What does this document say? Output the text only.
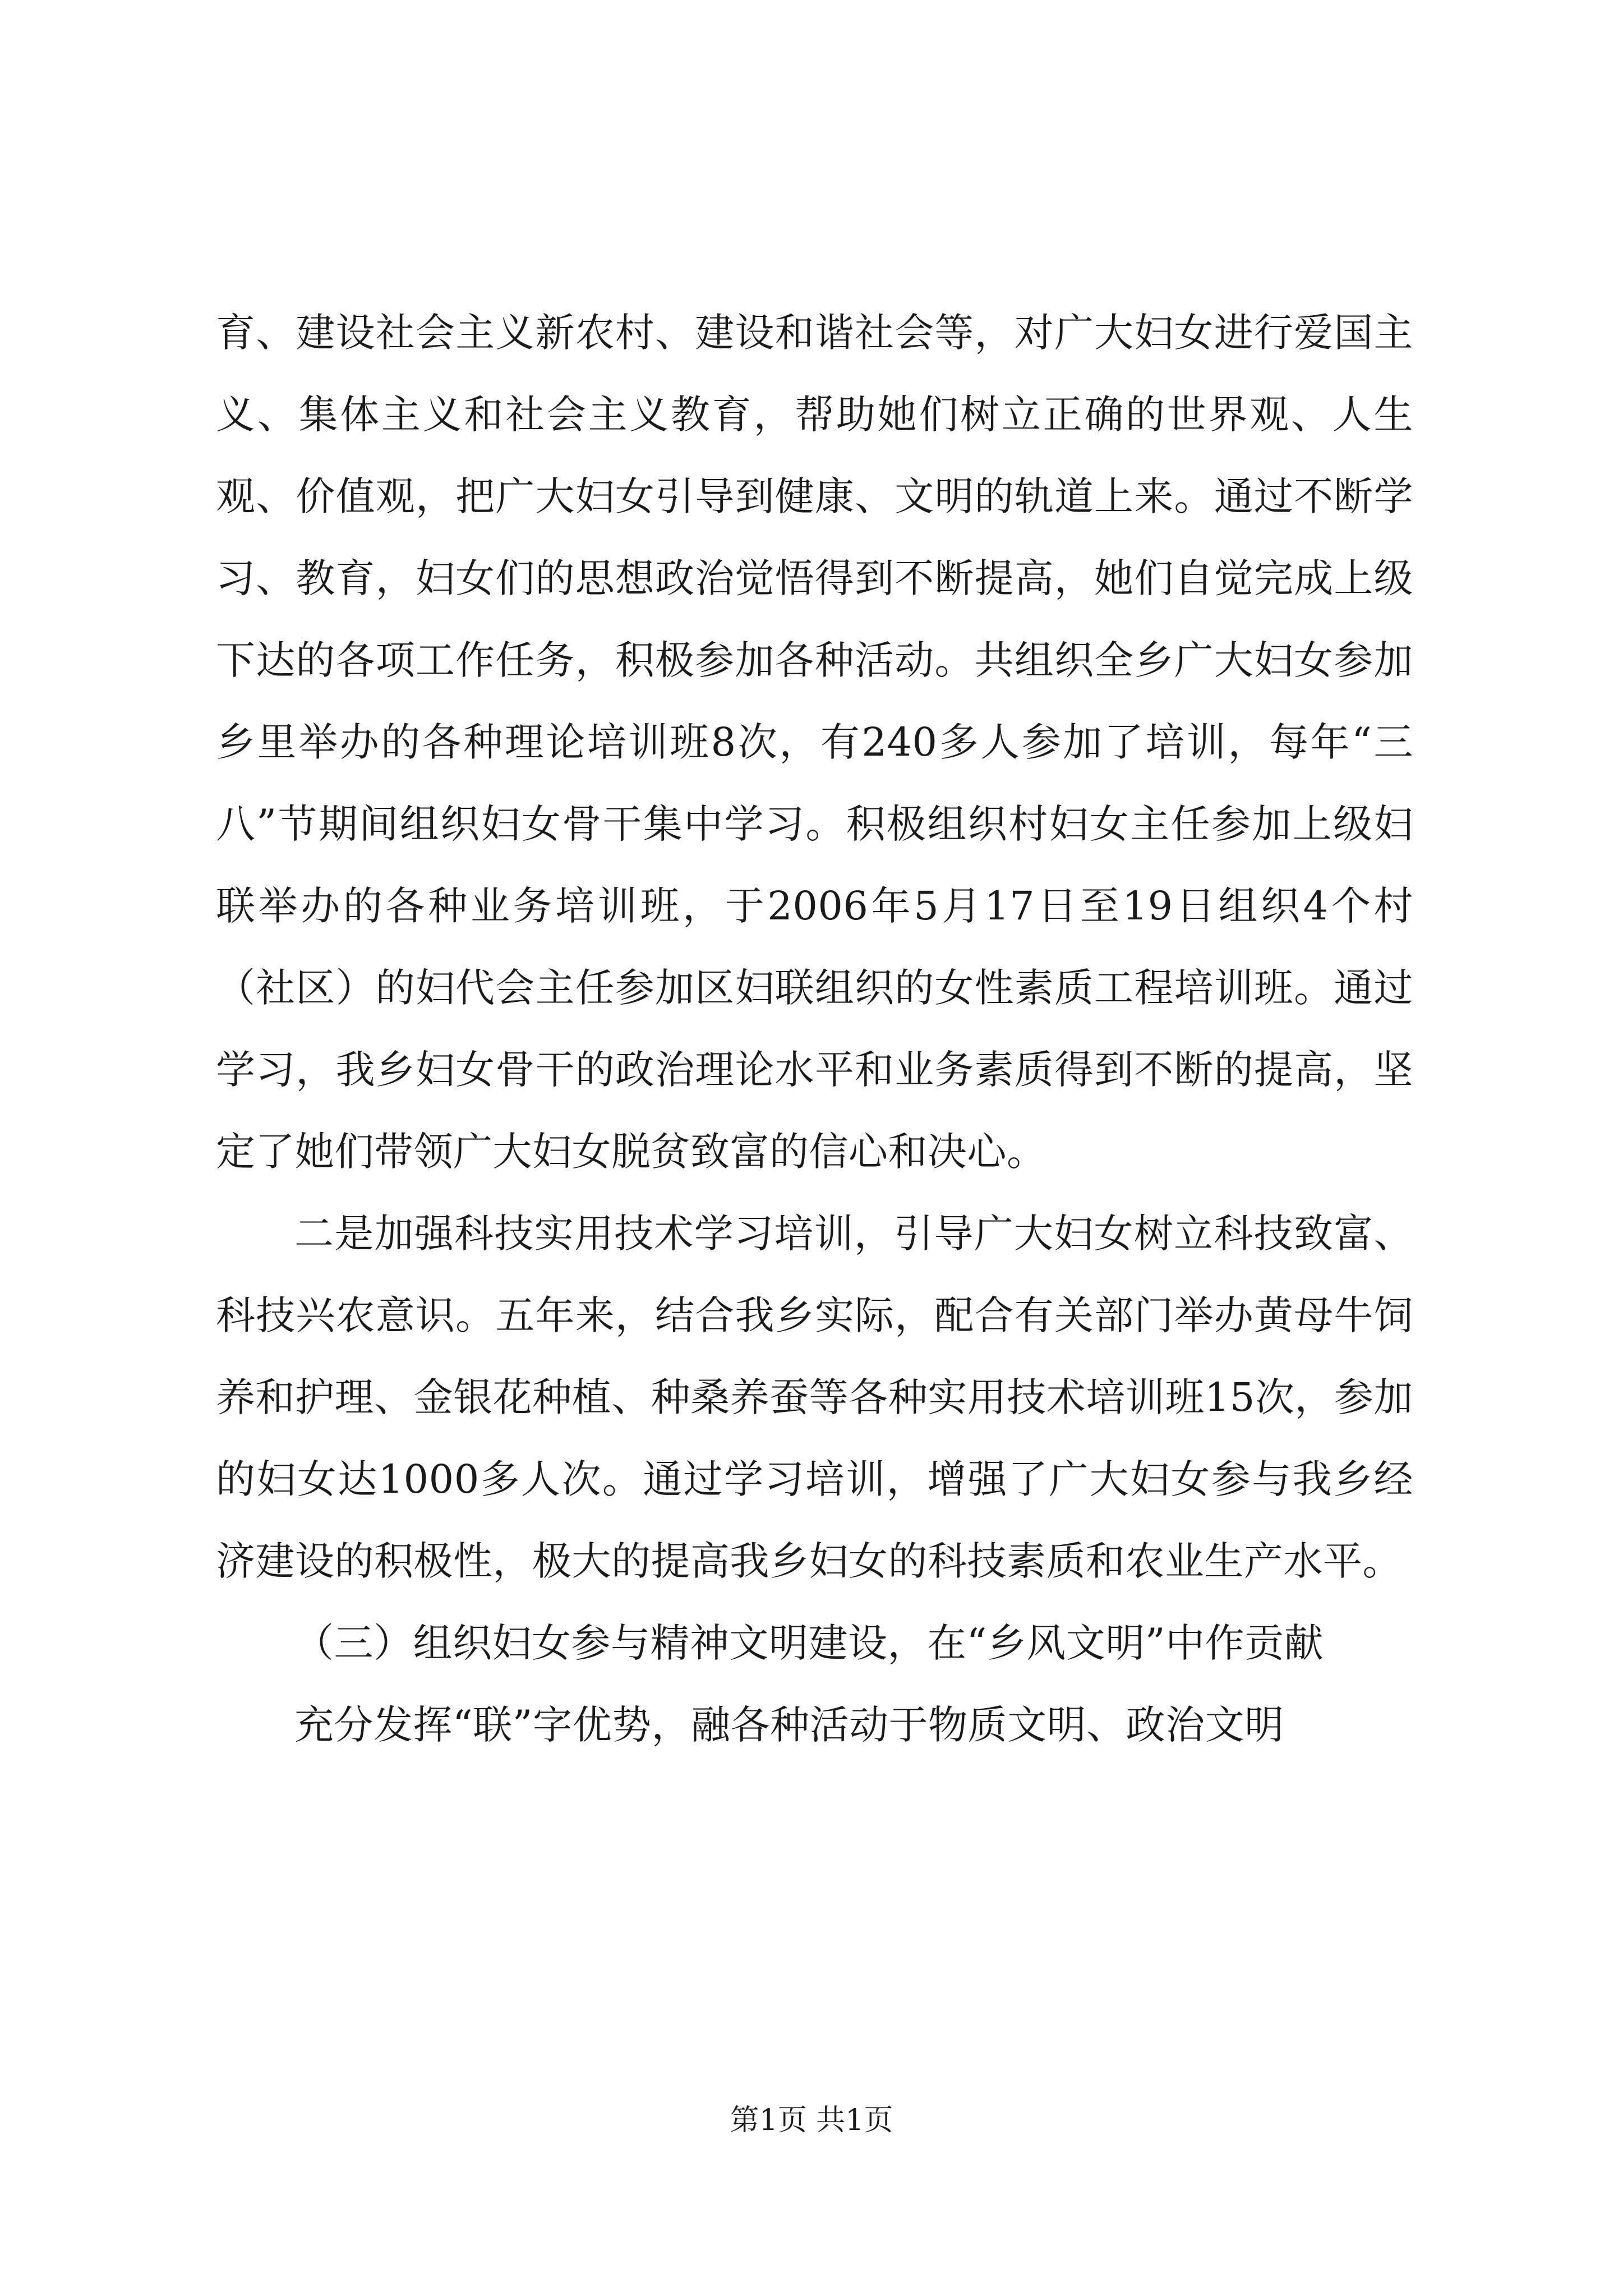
育、建设社会主义新农村、建设和谐社会等，对广大妇女进行爱国主义、集体主义和社会主义教育，帮助她们树立正确的世界观、人生观、价值观，把广大妇女引导到健康、文明的轨道上来。通过不断学习、教育，妇女们的思想政治觉悟得到不断提高，她们自觉完成上级下达的各项工作任务，积极参加各种活动。共组织全乡广大妇女参加乡里举办的各种理论培训班8次，有240多人参加了培训，每年“三八”节期间组织妇女骨干集中学习。积极组织村妇女主任参加上级妇联举办的各种业务培训班，于2006年5月17日至19日组织4个村（社区）的妇代会主任参加区妇联组织的女性素质工程培训班。通过学习，我乡妇女骨干的政治理论水平和业务素质得到不断的提高，坚定了她们带领广大妇女脱贫致富的信心和决心。

二是加强科技实用技术学习培训，引导广大妇女树立科技致富、科技兴农意识。五年来，结合我乡实际，配合有关部门举办黄母牛饲养和护理、金银花种植、种桑养蚕等各种实用技术培训班15次，参加的妇女达1000多人次。通过学习培训，增强了广大妇女参与我乡经济建设的积极性，极大的提高我乡妇女的科技素质和农业生产水平。

（三）组织妇女参与精神文明建设，在“乡风文明”中作贡献

充分发挥“联”字优势，融各种活动于物质文明、政治文明

第1页 共1页
